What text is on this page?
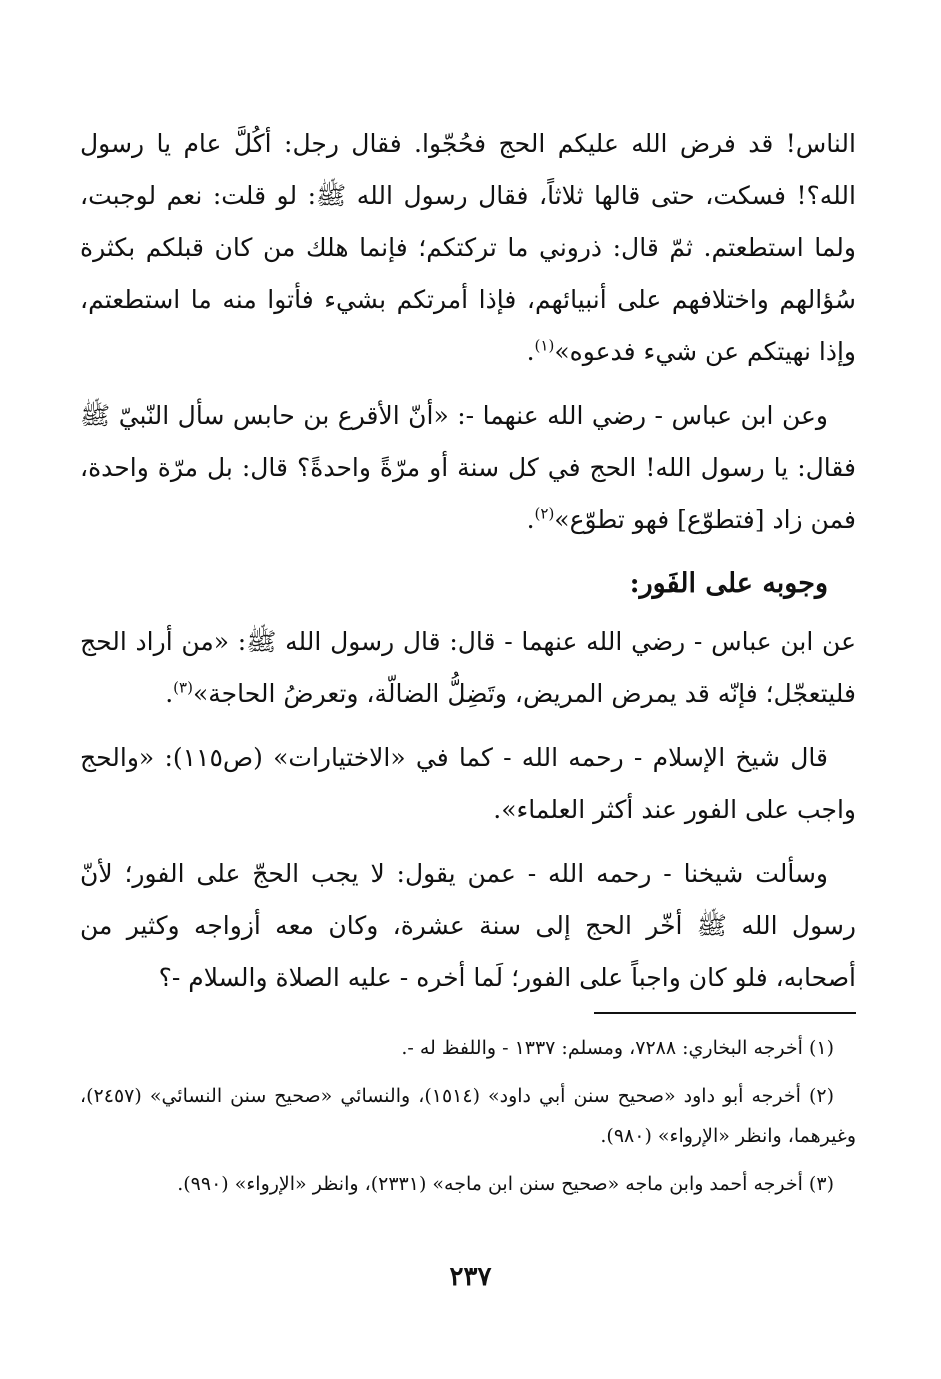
الناس! قد فرض الله عليكم الحج فحُجّوا. فقال رجل: أكُلَّ عام يا رسول الله؟! فسكت، حتى قالها ثلاثاً، فقال رسول الله ﷺ: لو قلت: نعم لوجبت، ولما استطعتم. ثمّ قال: ذروني ما تركتكم؛ فإنما هلك من كان قبلكم بكثرة سُؤالهم واختلافهم على أنبيائهم، فإذا أمرتكم بشيء فأتوا منه ما استطعتم، وإذا نهيتكم عن شيء فدعوه»$^{(١)}$.

وعن ابن عباس - رضي الله عنهما -: «أنّ الأقرع بن حابس سأل النّبيّ ﷺ فقال: يا رسول الله! الحج في كل سنة أو مرّةً واحدةً؟ قال: بل مرّة واحدة، فمن زاد [فتطوّع] فهو تطوّع»$^{(٢)}$.

وجوبه على الفَور:

عن ابن عباس - رضي الله عنهما - قال: قال رسول الله ﷺ: «من أراد الحج فليتعجّل؛ فإنّه قد يمرض المريض، وتَضِلُّ الضالّة، وتعرضُ الحاجة»$^{(٣)}$.

قال شيخ الإسلام - رحمه الله - كما في «الاختيارات» (ص١١٥): «والحج واجب على الفور عند أكثر العلماء».

وسألت شيخنا - رحمه الله - عمن يقول: لا يجب الحجّ على الفور؛ لأنّ رسول الله ﷺ أخّر الحج إلى سنة عشرة، وكان معه أزواجه وكثير من أصحابه، فلو كان واجباً على الفور؛ لَما أخره - عليه الصلاة والسلام -؟

(١) أخرجه البخاري: ٧٢٨٨، ومسلم: ١٣٣٧ - واللفظ له -.

(٢) أخرجه أبو داود «صحيح سنن أبي داود» (١٥١٤)، والنسائي «صحيح سنن النسائي» (٢٤٥٧)، وغيرهما، وانظر «الإرواء» (٩٨٠).

(٣) أخرجه أحمد وابن ماجه «صحيح سنن ابن ماجه» (٢٣٣١)، وانظر «الإرواء» (٩٩٠).

٢٣٧
